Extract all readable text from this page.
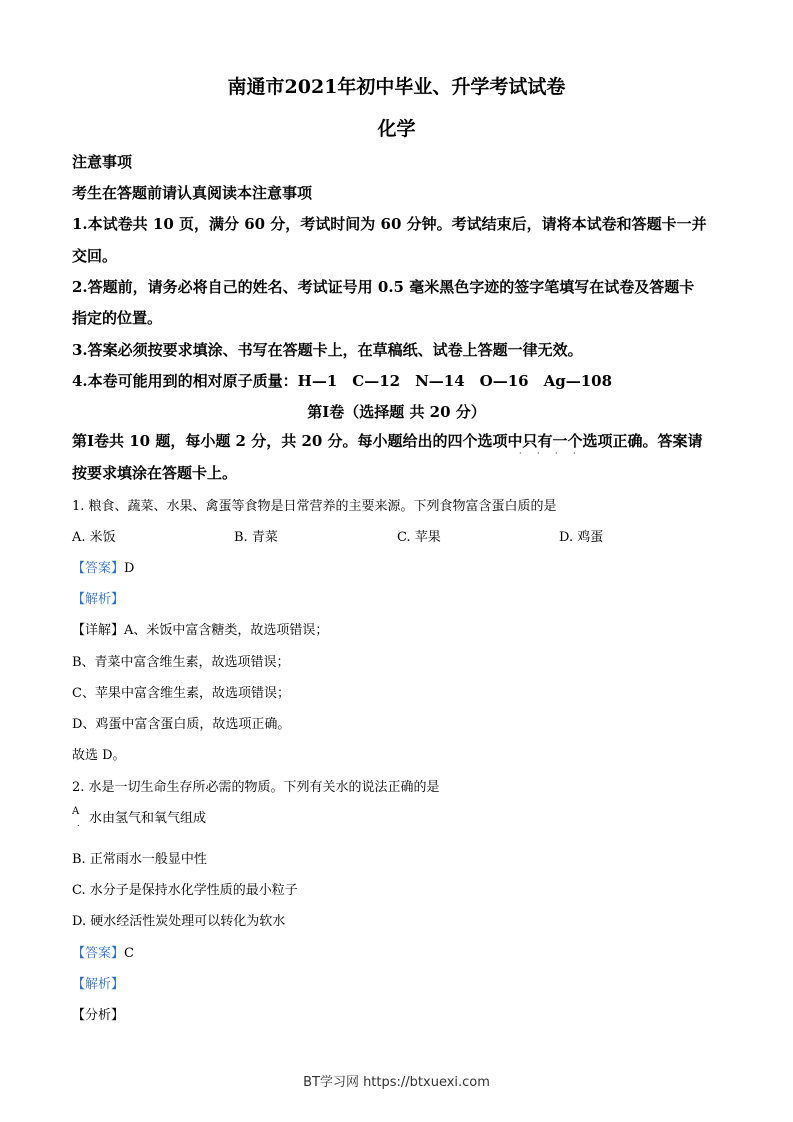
南通市2021年初中毕业、升学考试试卷
化学
注意事项
考生在答题前请认真阅读本注意事项
1.本试卷共 10 页，满分 60 分，考试时间为 60 分钟。考试结束后，请将本试卷和答题卡一并
交回。
2.答题前，请务必将自己的姓名、考试证号用 0.5 毫米黑色字迹的签字笔填写在试卷及答题卡
指定的位置。
3.答案必须按要求填涂、书写在答题卡上，在草稿纸、试卷上答题一律无效。
4.本卷可能用到的相对原子质量：H—1　C—12　N—14　O—16　Ag—108
第Ⅰ卷（选择题 共 20 分）
第Ⅰ卷共 10 题，每小题 2 分，共 20 分。每小题给出的四个选项中只有一个选项正确。答案请
· · · ·
按要求填涂在答题卡上。
1. 粮食、蔬菜、水果、禽蛋等食物是日常营养的主要来源。下列食物富含蛋白质的是
A. 米饭	B. 青菜	C. 苹果	D. 鸡蛋
【答案】D
【解析】
【详解】A、米饭中富含糖类，故选项错误；
B、青菜中富含维生素，故选项错误；
C、苹果中富含维生素，故选项错误；
D、鸡蛋中富含蛋白质，故选项正确。
故选 D。
2. 水是一切生命生存所必需的物质。下列有关水的说法正确的是
A 水由氢气和氧气组成
.
B. 正常雨水一般显中性
C. 水分子是保持水化学性质的最小粒子
D. 硬水经活性炭处理可以转化为软水
【答案】C
【解析】
【分析】
BT学习网 https://btxuexi.com
